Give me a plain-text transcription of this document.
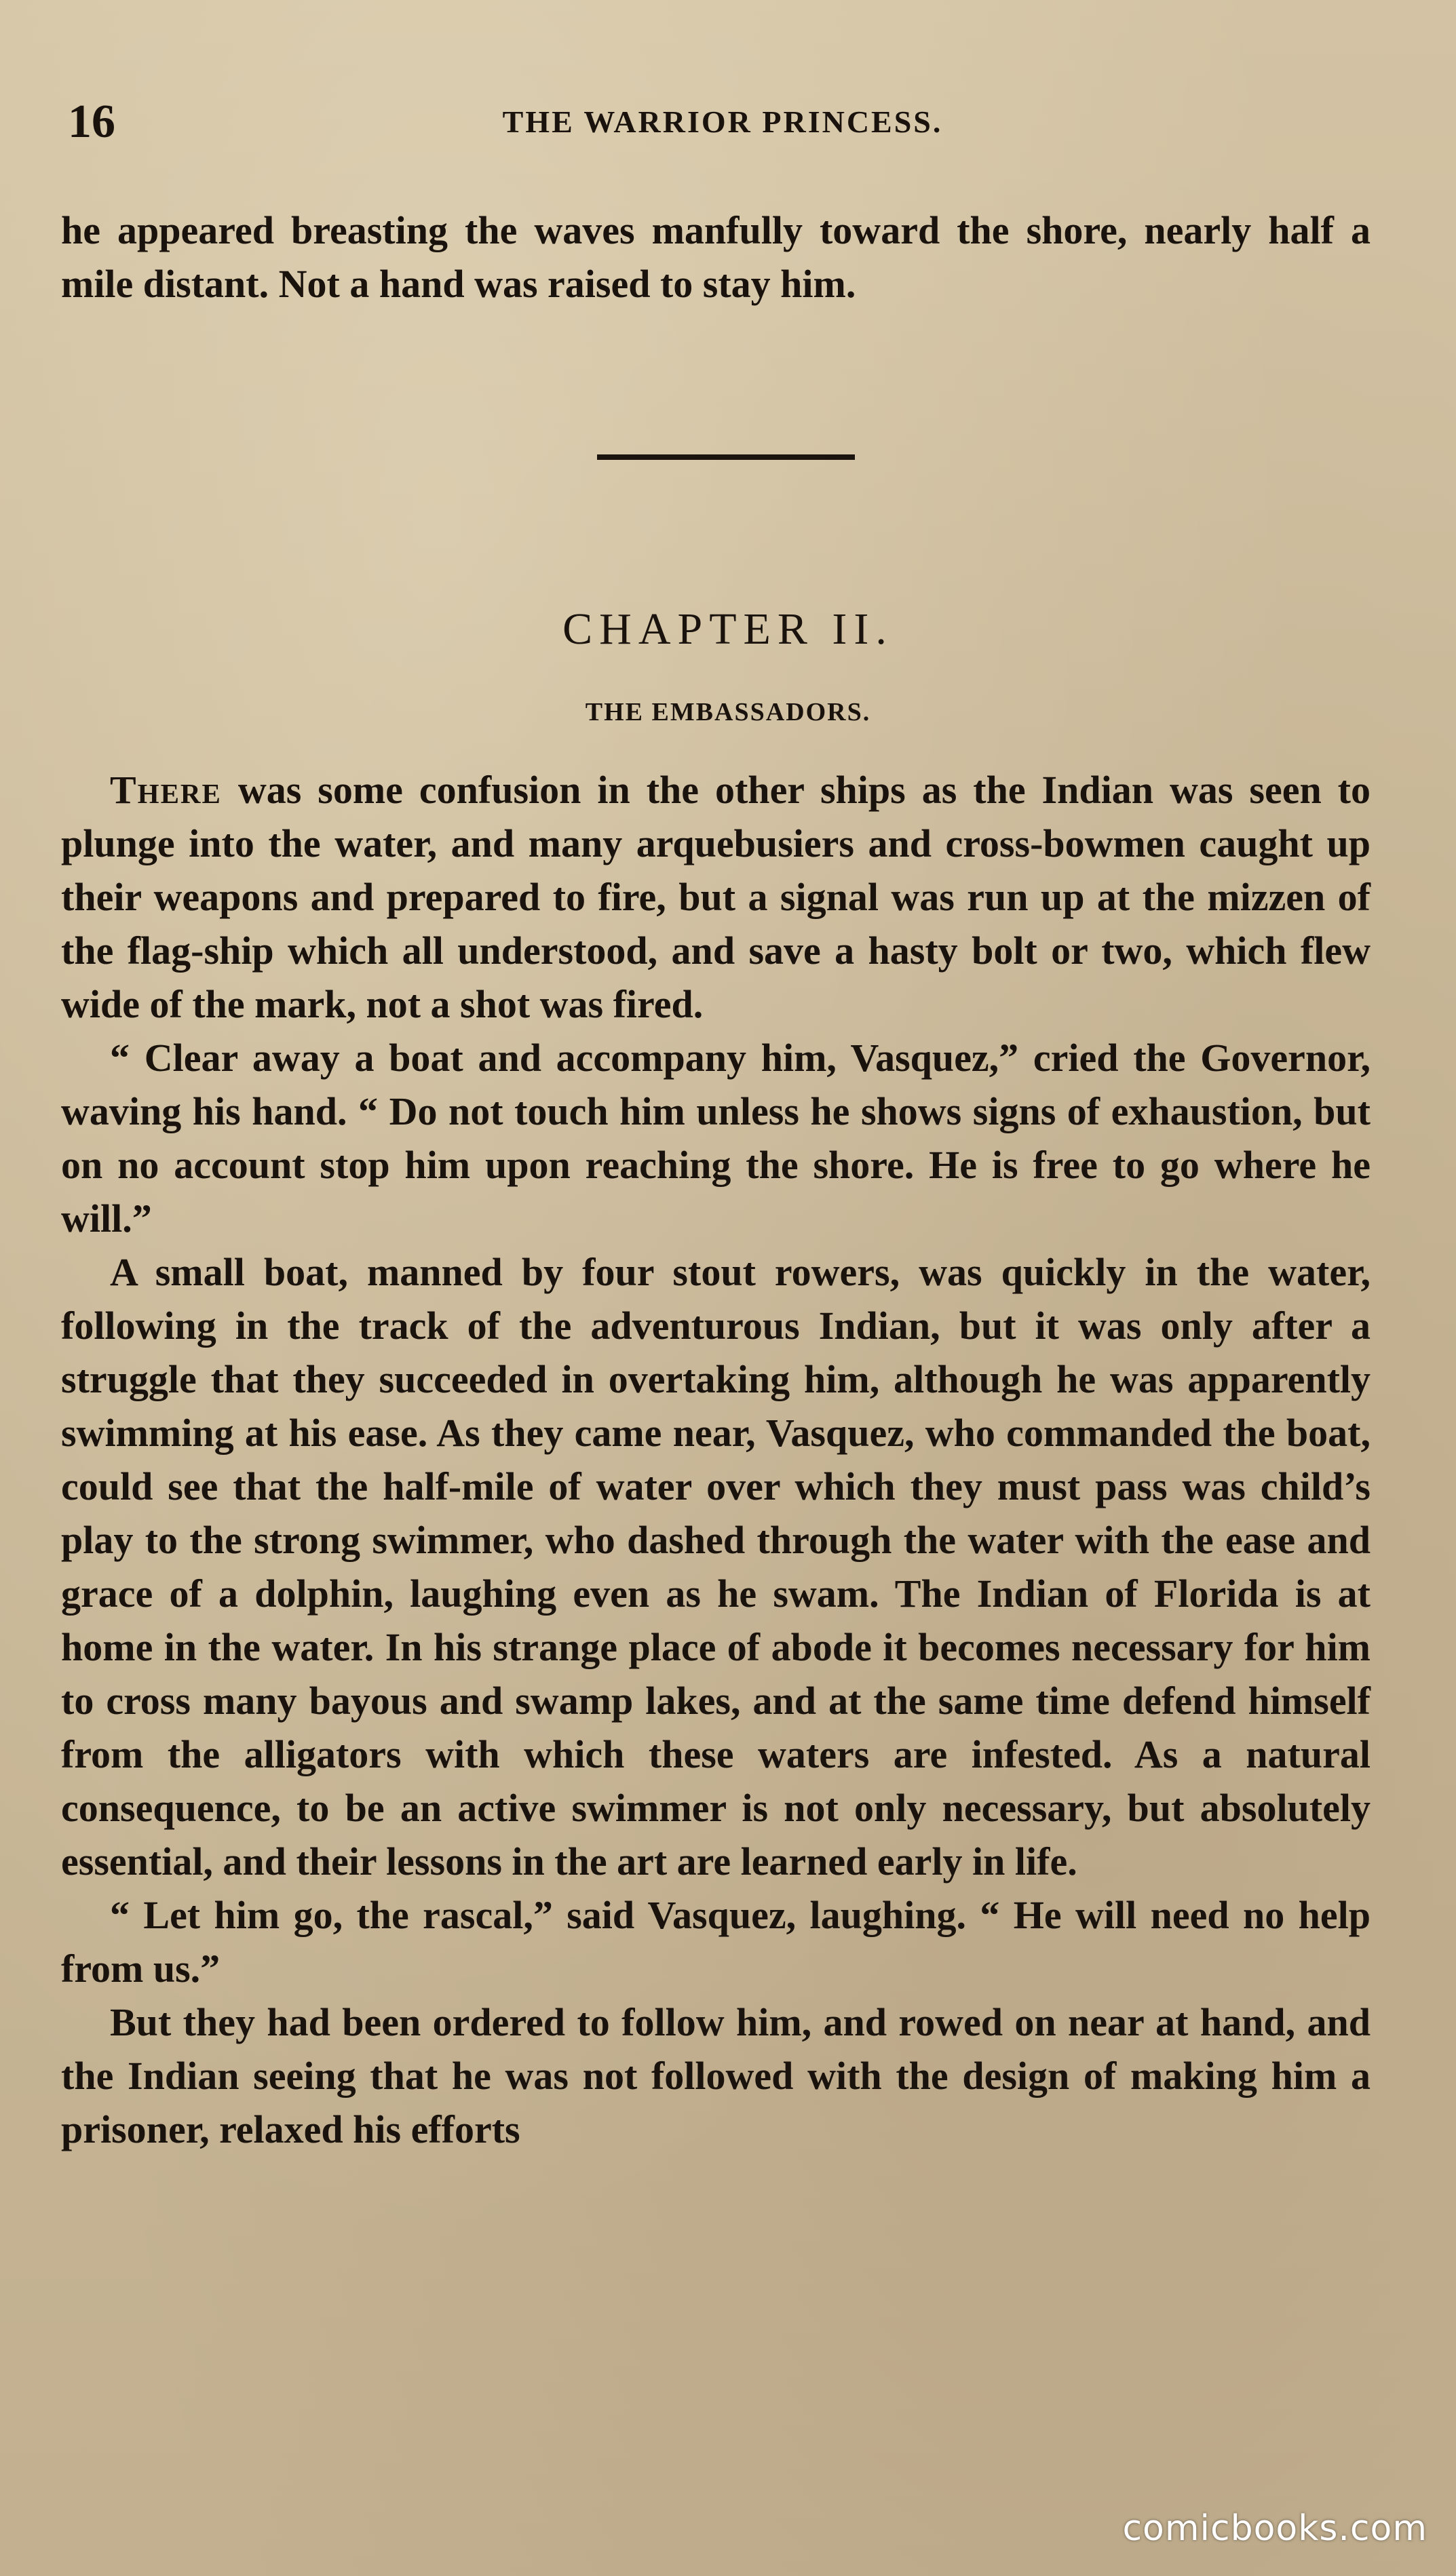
16	THE WARRIOR PRINCESS.

he appeared breasting the waves manfully toward the shore, nearly half a mile distant. Not a hand was raised to stay him.

CHAPTER II.
THE EMBASSADORS.

There was some confusion in the other ships as the Indian was seen to plunge into the water, and many arquebusiers and cross-bowmen caught up their weapons and prepared to fire, but a signal was run up at the mizzen of the flag-ship which all understood, and save a hasty bolt or two, which flew wide of the mark, not a shot was fired.

“ Clear away a boat and accompany him, Vasquez,” cried the Governor, waving his hand. “ Do not touch him unless he shows signs of exhaustion, but on no account stop him upon reaching the shore. He is free to go where he will.”

A small boat, manned by four stout rowers, was quickly in the water, following in the track of the adventurous Indian, but it was only after a struggle that they succeeded in overtaking him, although he was apparently swimming at his ease. As they came near, Vasquez, who commanded the boat, could see that the half-mile of water over which they must pass was child’s play to the strong swimmer, who dashed through the water with the ease and grace of a dolphin, laughing even as he swam. The Indian of Florida is at home in the water. In his strange place of abode it becomes necessary for him to cross many bayous and swamp lakes, and at the same time defend himself from the alligators with which these waters are infested. As a natural consequence, to be an active swimmer is not only necessary, but absolutely essential, and their lessons in the art are learned early in life.

“ Let him go, the rascal,” said Vasquez, laughing. “ He will need no help from us.”

But they had been ordered to follow him, and rowed on near at hand, and the Indian seeing that he was not followed with the design of making him a prisoner, relaxed his efforts

comicbooks.com
